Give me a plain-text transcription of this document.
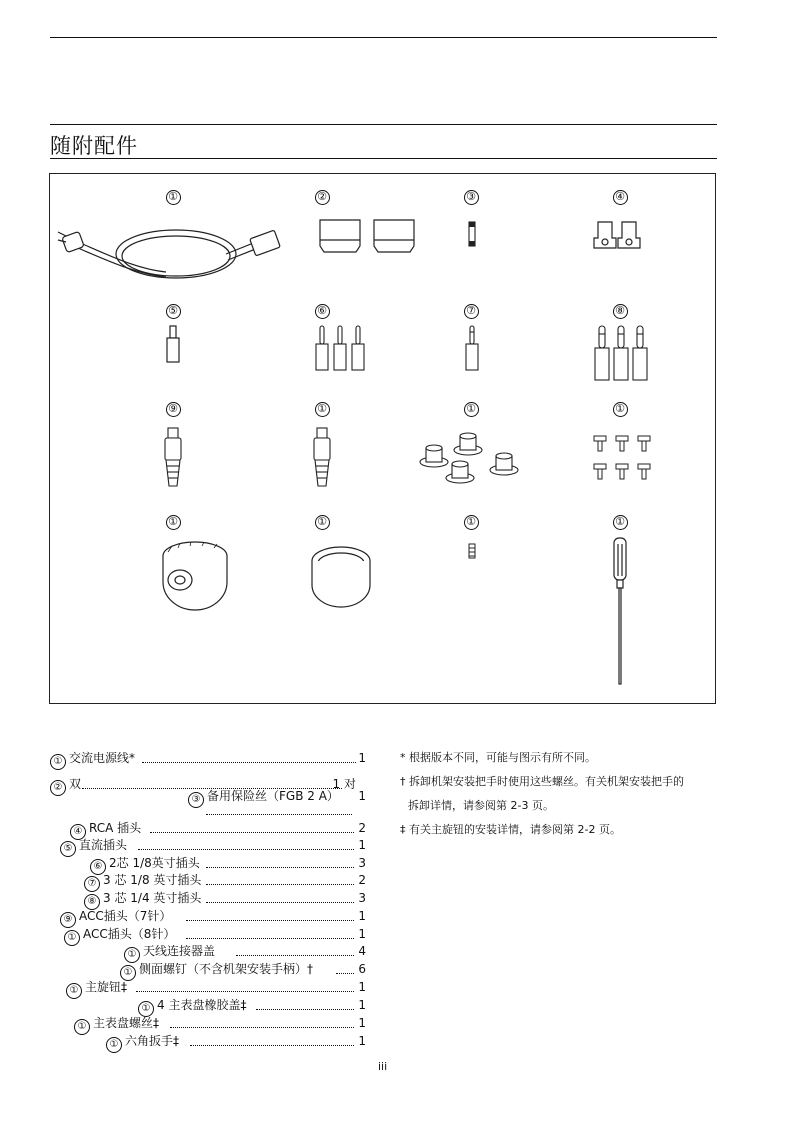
随附配件
①	②	③	④
⑤	⑥	⑦	⑧
⑨	①	①	①
①	①	①	①
① 交流电源线*	1
② 双	1 对
③ 备用保险丝（FGB 2 A） 1
④ RCA 插头	2
⑤ 直流插头	1
⑥ 2芯 1/8英寸插头	3
⑦ 3 芯 1/8 英寸插头	2
⑧ 3 芯 1/4 英寸插头	3
⑨ ACC插头（7针）	1
① ACC插头（8针）	1
① 天线连接器盖	4
① 侧面螺钉（不含机架安装手柄）†	6
① 主旋钮‡	1
① 4 主表盘橡胶盖‡	1
① 主表盘螺丝‡	1
① 六角扳手‡	1
* 根据版本不同，可能与图示有所不同。
† 拆卸机架安装把手时使用这些螺丝。有关机架安装把手的
拆卸详情，请参阅第 2-3 页。
‡ 有关主旋钮的安装详情，请参阅第 2-2 页。
iii
